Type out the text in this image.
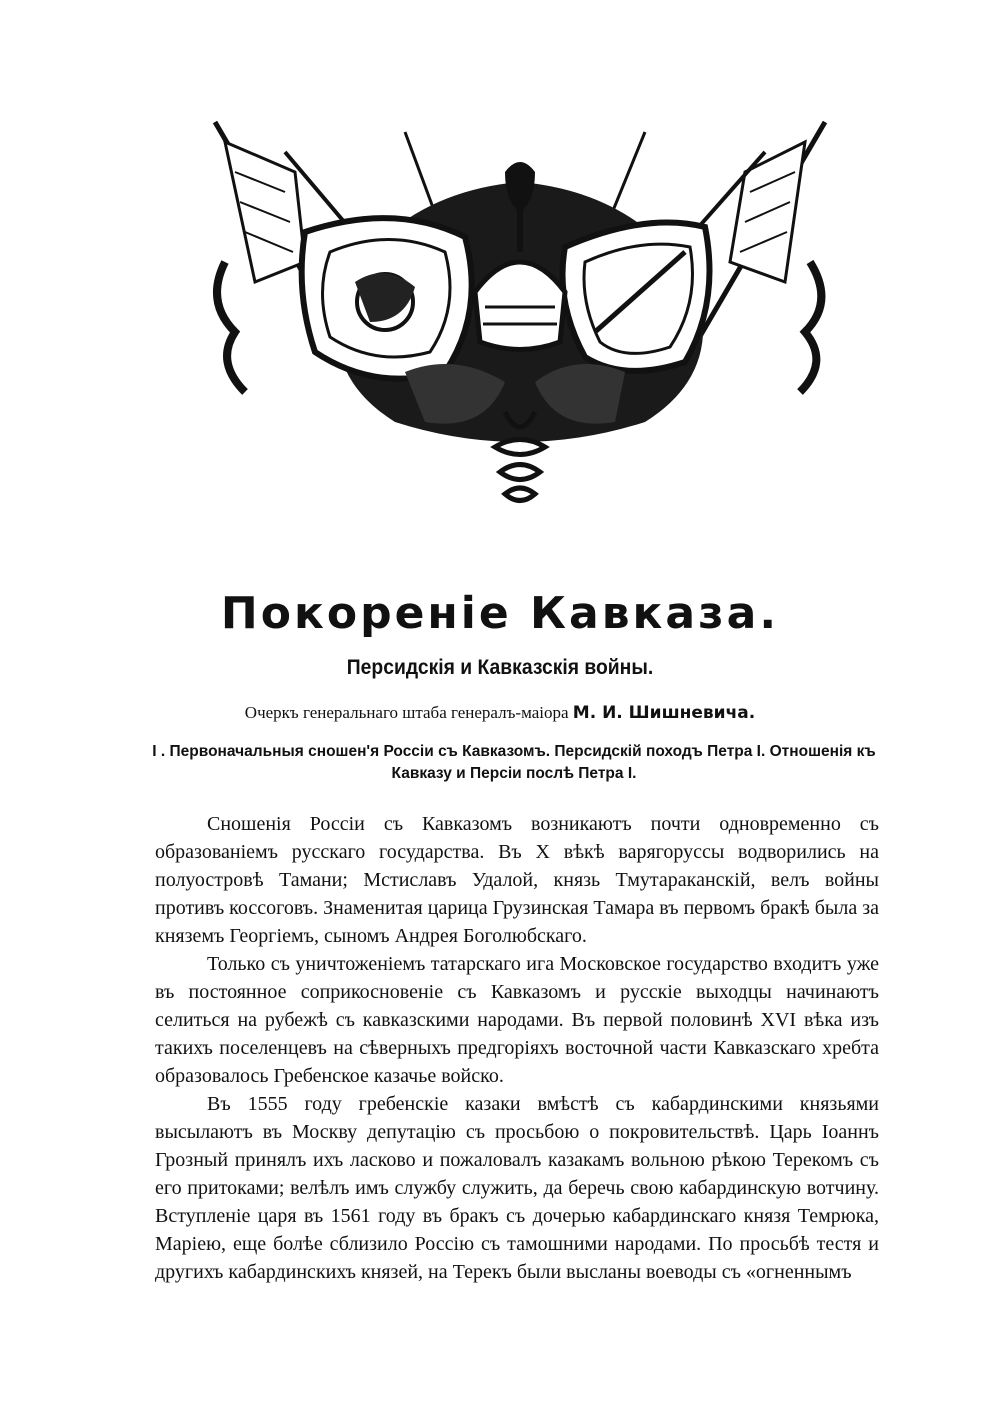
Покореніе Кавказа.
Персидскія и Кавказскія войны.
Очеркъ генеральнаго штаба генералъ-маіора М. И. Шишневича.
І . Первоначальныя сношен'я Россіи съ Кавказомъ. Персидскій походъ Петра І. Отношенія къ Кавказу и Персіи послѣ Петра І.

Сношенія Россіи съ Кавказомъ возникаютъ почти одновременно съ образованіемъ русскаго государства. Въ X вѣкѣ варягоруссы водворились на полуостровѣ Тамани; Мстиславъ Удалой, князь Тмутараканскій, велъ войны противъ коссоговъ. Знаменитая царица Грузинская Тамара въ первомъ бракѣ была за княземъ Георгіемъ, сыномъ Андрея Боголюбскаго.

Только съ уничтоженіемъ татарскаго ига Московское государство входитъ уже въ постоянное соприкосновеніе съ Кавказомъ и русскіе выходцы начинаютъ селиться на рубежѣ съ кавказскими народами. Въ первой половинѣ XVI вѣка изъ такихъ поселенцевъ на сѣверныхъ предгоріяхъ восточной части Кавказскаго хребта образовалось Гребенское казачье войско.

Въ 1555 году гребенскіе казаки вмѣстѣ съ кабардинскими князьями высылаютъ въ Москву депутацію съ просьбою о покровительствѣ. Царь Іоаннъ Грозный принялъ ихъ ласково и пожаловалъ казакамъ вольною рѣкою Терекомъ съ его притоками; велѣлъ имъ службу служить, да беречь свою кабардинскую вотчину. Вступленіе царя въ 1561 году въ бракъ съ дочерью кабардинскаго князя Темрюка, Маріею, еще болѣе сблизило Россію съ тамошними народами. По просьбѣ тестя и другихъ кабардинскихъ князей, на Терекъ были высланы воеводы съ «огненнымъ
